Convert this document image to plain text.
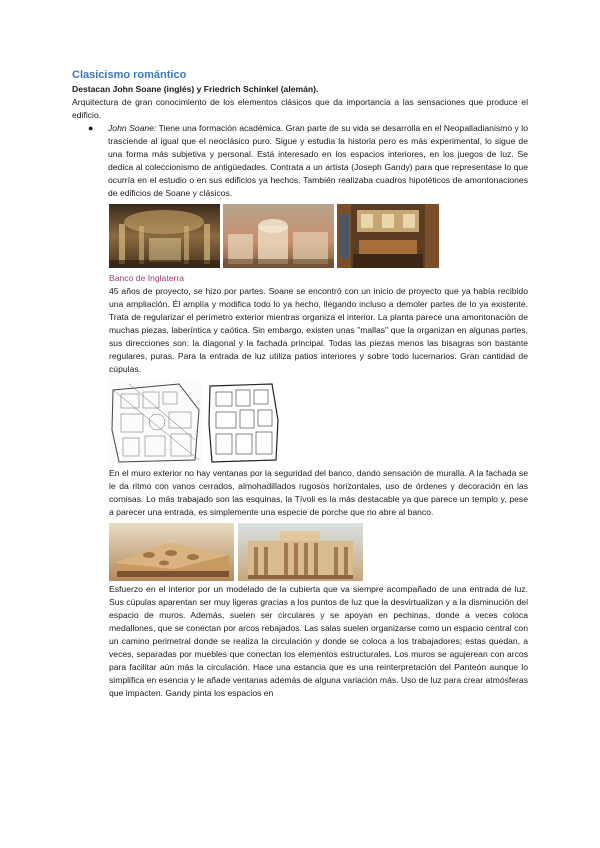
Clasicismo romántico

Destacan John Soane (inglés) y Friedrich Schinkel (alemán).

Arquitectura de gran conocimiento de los elementos clásicos que da importancia a las sensaciones que produce el edificio.

●	John Soane: Tiene una formación académica. Gran parte de su vida se desarrolla en el Neopalladianismo y lo trasciende al igual que el neoclásico puro. Sigue y estudia la historia pero es más experimental, lo sigue de una forma más subjetiva y personal. Está interesado en los espacios interiores, en los juegos de luz. Se dedica al coleccionismo de antigüedades. Contrata a un artista (Joseph Gandy) para que representase lo que ocurría en el estudio o en sus edificios ya hechos. También realizaba cuadros hipotéticos de amontonaciones de edificios de Soane y clásicos.

Banco de Inglaterra

45 años de proyecto, se hizo por partes. Soane se encontró con un inicio de proyecto que ya había recibido una ampliación. Él amplía y modifica todo lo ya hecho, llegando incluso a demoler partes de lo ya existente. Trata de regularizar el perímetro exterior mientras organiza el interior. La planta parece una amontonación de muchas piezas, laberíntica y caótica. Sin embargo, existen unas "mallas" que la organizan en algunas partes, sus direcciones son: la diagonal y la fachada principal. Todas las piezas menos las bisagras son bastante regulares, puras. Para la entrada de luz utiliza patios interiores y sobre todo lucernarios. Gran cantidad de cúpulas.

En el muro exterior no hay ventanas por la seguridad del banco, dando sensación de muralla. A la fachada se le da ritmo con vanos cerrados, almohadillados rugosos horizontales, uso de órdenes y decoración en las cornisas. Lo más trabajado son las esquinas, la Tívoli es la más destacable ya que parece un templo y, pese a parecer una entrada, es simplemente una especie de porche que no abre al banco.

Esfuerzo en el interior por un modelado de la cubierta que va siempre acompañado de una entrada de luz. Sus cúpulas aparentan ser muy ligeras gracias a los puntos de luz que la desvirtualizan y a la disminución del espacio de muros. Además, suelen ser circulares y se apoyan en pechinas, donde a veces coloca medallones, que se conectan por arcos rebajados. Las salas suelen organizarse como un espacio central con un camino perimetral donde se realiza la circulación y donde se coloca a los trabajadores; estas quedan, a veces, separadas por muebles que conectan los elementos estructurales. Los muros se agujerean con arcos para facilitar aún más la circulación. Hace una estancia que es una reinterpretación del Panteón aunque lo simplifica en esencia y le añade ventanas además de alguna variación más. Uso de luz para crear atmósferas que impacten. Gandy pinta los espacios en
